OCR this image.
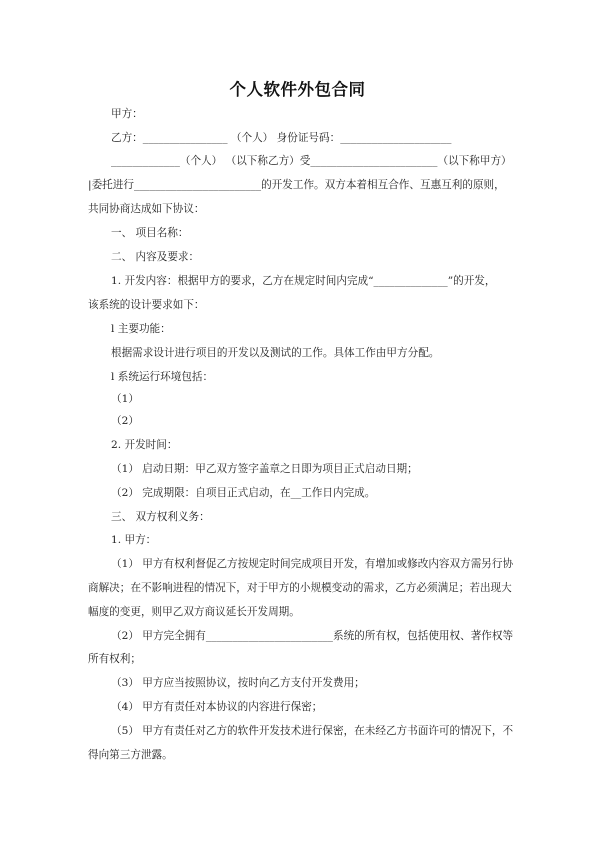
个人软件外包合同
甲方：
乙方：________________ （个人） 身份证号码：_____________________
_____________（个人） （以下称乙方）受________________________（以下称甲方）
|委托进行________________________的开发工作。双方本着相互合作、互惠互利的原则，
共同协商达成如下协议：
一、 项目名称：
二、 内容及要求：
1. 开发内容：根据甲方的要求，乙方在规定时间内完成“______________”的开发，
该系统的设计要求如下：
l 主要功能：
根据需求设计进行项目的开发以及测试的工作。具体工作由甲方分配。
l 系统运行环境包括：
（1）
（2）
2. 开发时间：
（1） 启动日期：甲乙双方签字盖章之日即为项目正式启动日期；
（2） 完成期限：自项目正式启动，在__工作日内完成。
三、 双方权利义务：
1. 甲方：
（1） 甲方有权利督促乙方按规定时间完成项目开发，有增加或修改内容双方需另行协
商解决；在不影响进程的情况下，对于甲方的小规模变动的需求，乙方必须满足；若出现大
幅度的变更，则甲乙双方商议延长开发周期。
（2） 甲方完全拥有________________________系统的所有权，包括使用权、著作权等
所有权利；
（3） 甲方应当按照协议，按时向乙方支付开发费用；
（4） 甲方有责任对本协议的内容进行保密；
（5） 甲方有责任对乙方的软件开发技术进行保密，在未经乙方书面许可的情况下，不
得向第三方泄露。
